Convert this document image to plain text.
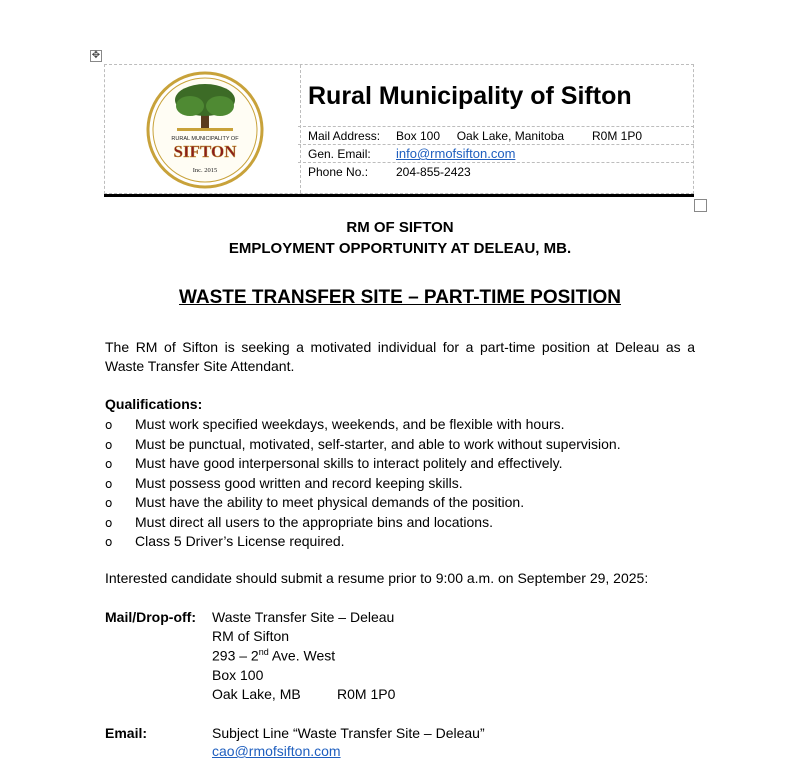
✥
RURAL MUNICIPALITY OF
SIFTON
Inc. 2015
Rural Municipality of Sifton
Mail Address: Box 100     Oak Lake, Manitoba R0M 1P0
Gen. Email: info@rmofsifton.com
Phone No.: 204-855-2423
RM OF SIFTON
EMPLOYMENT OPPORTUNITY AT DELEAU, MB.
WASTE TRANSFER SITE – PART-TIME POSITION
The RM of Sifton is seeking a motivated individual for a part-time position at Deleau as a Waste Transfer Site Attendant.
Qualifications:
o Must work specified weekdays, weekends, and be flexible with hours.
o Must be punctual, motivated, self-starter, and able to work without supervision.
o Must have good interpersonal skills to interact politely and effectively.
o Must possess good written and record keeping skills.
o Must have the ability to meet physical demands of the position.
o Must direct all users to the appropriate bins and locations.
o Class 5 Driver’s License required.
Interested candidate should submit a resume prior to 9:00 a.m. on September 29, 2025:
Mail/Drop-off: Waste Transfer Site – Deleau
RM of Sifton
293 – 2nd Ave. West
Box 100
Oak Lake, MB	R0M 1P0
Email:	Subject Line “Waste Transfer Site – Deleau”
cao@rmofsifton.com
